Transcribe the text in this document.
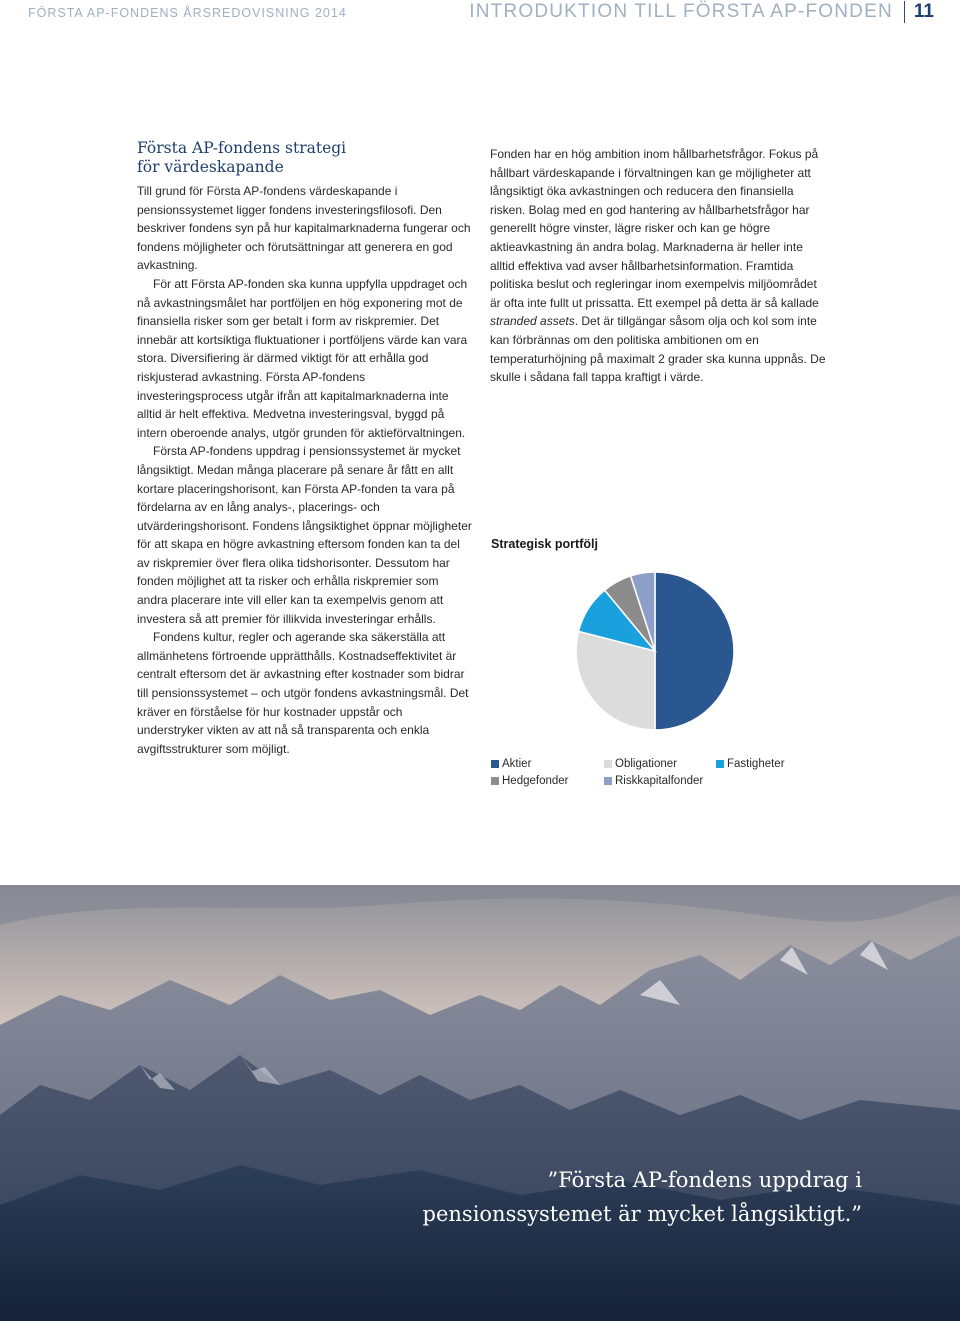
FÖRSTA AP-FONDENS ÅRSREDOVISNING 2014	INTRODUKTION TILL FÖRSTA AP-FONDEN 11
Första AP-fondens strategi
för värdeskapande

Till grund för Första AP-fondens värdeskapande i pensionssystemet ligger fondens investeringsfilosofi. Den beskriver fondens syn på hur kapitalmarknaderna fungerar och fondens möjligheter och förutsättningar att generera en god avkastning.

För att Första AP-fonden ska kunna uppfylla uppdraget och nå avkastningsmålet har portföljen en hög exponering mot de finansiella risker som ger betalt i form av riskpremier. Det innebär att kortsiktiga fluktuationer i portföljens värde kan vara stora. Diversifiering är därmed viktigt för att erhålla god riskjusterad avkastning. Första AP-fondens investeringsprocess utgår ifrån att kapitalmarknaderna inte alltid är helt effektiva. Medvetna investeringsval, byggd på intern oberoende analys, utgör grunden för aktieförvaltningen.

Första AP-fondens uppdrag i pensionssystemet är mycket långsiktigt. Medan många placerare på senare år fått en allt kortare placeringshorisont, kan Första AP-fonden ta vara på fördelarna av en lång analys-, placerings- och utvärderingshorisont. Fondens långsiktighet öppnar möjligheter för att skapa en högre avkastning eftersom fonden kan ta del av riskpremier över flera olika tidshorisonter. Dessutom har fonden möjlighet att ta risker och erhålla riskpremier som andra placerare inte vill eller kan ta exempelvis genom att investera så att premier för illikvida investeringar erhålls.

Fondens kultur, regler och agerande ska säkerställa att allmänhetens förtroende upprätthålls. Kostnadseffektivitet är centralt eftersom det är avkastning efter kostnader som bidrar till pensionssystemet – och utgör fondens avkastningsmål. Det kräver en förståelse för hur kostnader uppstår och understryker vikten av att nå så transparenta och enkla avgiftsstrukturer som möjligt.

Fonden har en hög ambition inom hållbarhetsfrågor. Fokus på hållbart värdeskapande i förvaltningen kan ge möjligheter att långsiktigt öka avkastningen och reducera den finansiella risken. Bolag med en god hantering av hållbarhetsfrågor har generellt högre vinster, lägre risker och kan ge högre aktieavkastning än andra bolag. Marknaderna är heller inte alltid effektiva vad avser hållbarhetsinformation. Framtida politiska beslut och regleringar inom exempelvis miljöområdet är ofta inte fullt ut prissatta. Ett exempel på detta är så kallade stranded assets. Det är tillgängar såsom olja och kol som inte kan förbrännas om den politiska ambitionen om en temperaturhöjning på maximalt 2 grader ska kunna uppnås. De skulle i sådana fall tappa kraftigt i värde.

Strategisk portfölj
Aktier	Obligationer	Fastigheter
Hedgefonder	Riskkapitalfonder
”Första AP-fondens uppdrag i
pensionssystemet är mycket långsiktigt.”
